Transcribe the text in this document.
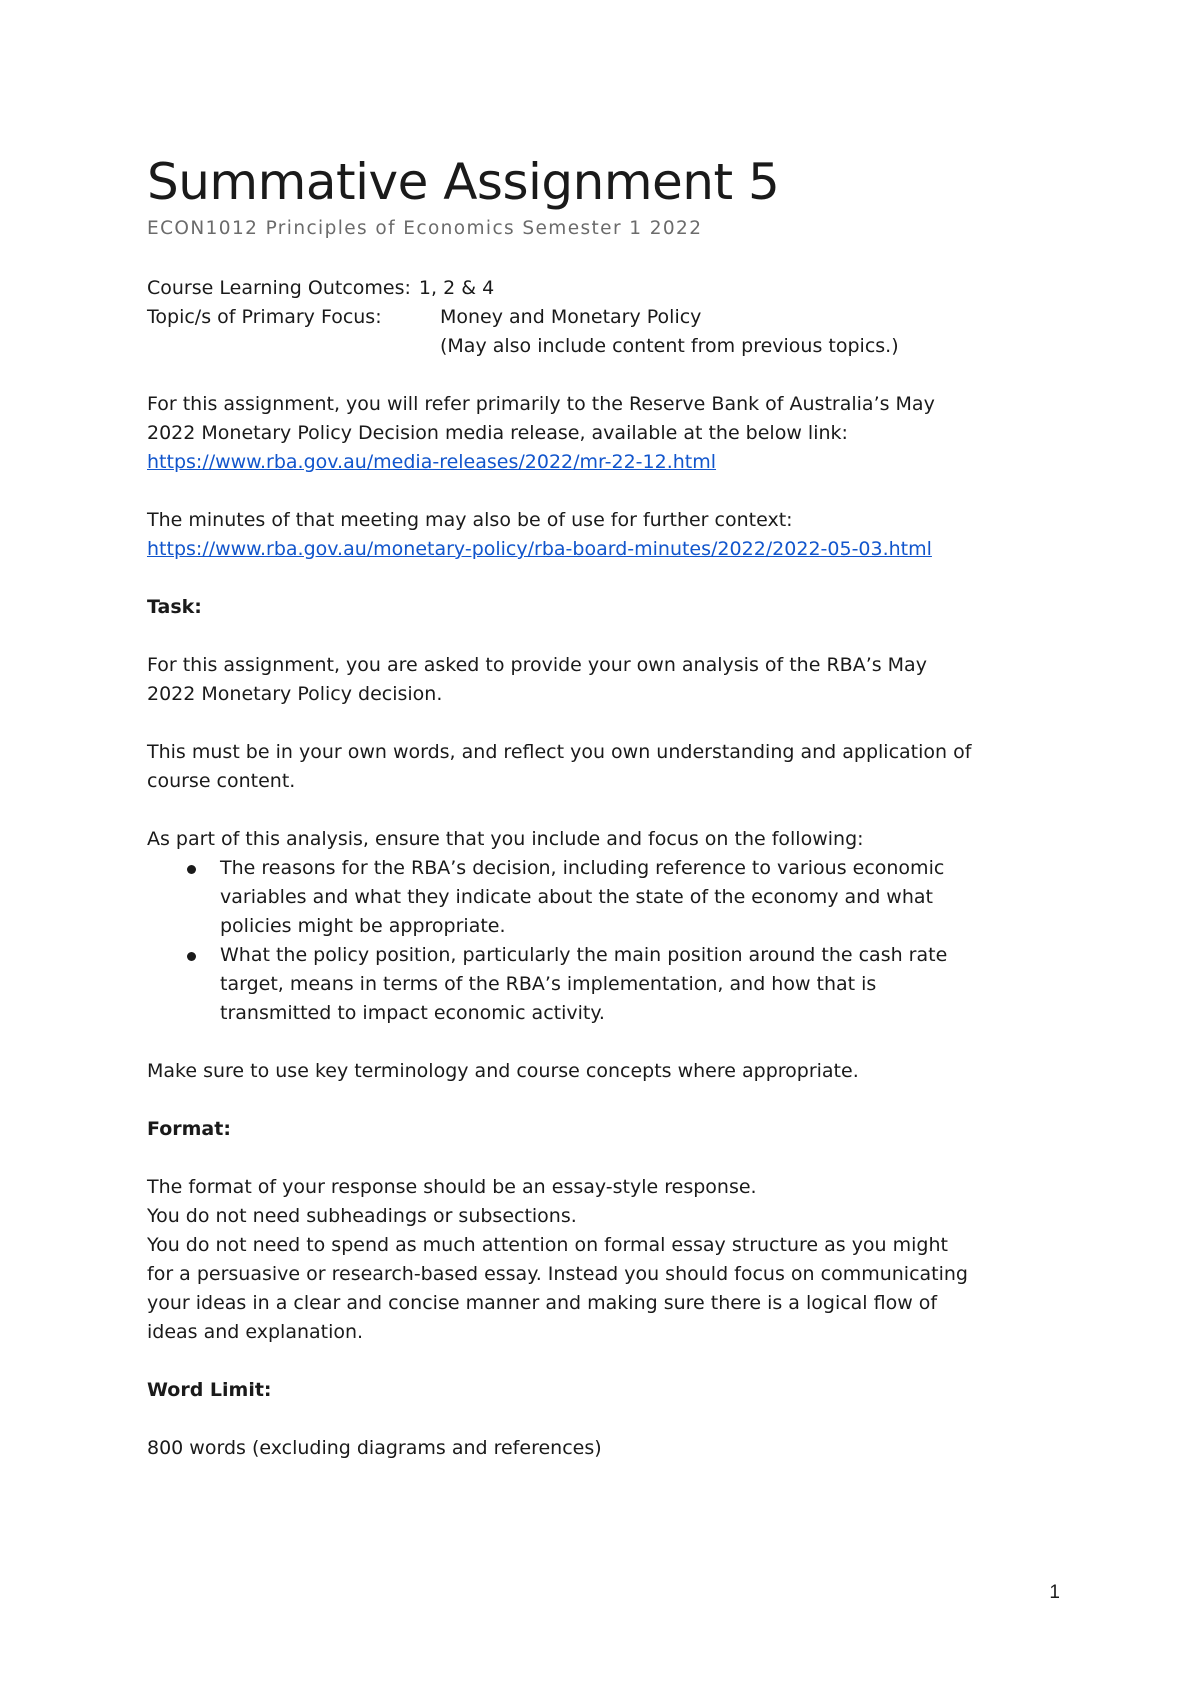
Summative Assignment 5
ECON1012 Principles of Economics Semester 1 2022
Course Learning Outcomes: 1, 2 & 4
Topic/s of Primary Focus:	Money and Monetary Policy
(May also include content from previous topics.)
For this assignment, you will refer primarily to the Reserve Bank of Australia’s May
2022 Monetary Policy Decision media release, available at the below link:
https://www.rba.gov.au/media-releases/2022/mr-22-12.html
The minutes of that meeting may also be of use for further context:
https://www.rba.gov.au/monetary-policy/rba-board-minutes/2022/2022-05-03.html
Task:
For this assignment, you are asked to provide your own analysis of the RBA’s May
2022 Monetary Policy decision.
This must be in your own words, and reflect you own understanding and application of
course content.
As part of this analysis, ensure that you include and focus on the following:
The reasons for the RBA’s decision, including reference to various economic
variables and what they indicate about the state of the economy and what
policies might be appropriate.
What the policy position, particularly the main position around the cash rate
target, means in terms of the RBA’s implementation, and how that is
transmitted to impact economic activity.
Make sure to use key terminology and course concepts where appropriate.
Format:
The format of your response should be an essay-style response.
You do not need subheadings or subsections.
You do not need to spend as much attention on formal essay structure as you might
for a persuasive or research-based essay. Instead you should focus on communicating
your ideas in a clear and concise manner and making sure there is a logical flow of
ideas and explanation.
Word Limit:
800 words (excluding diagrams and references)
1
